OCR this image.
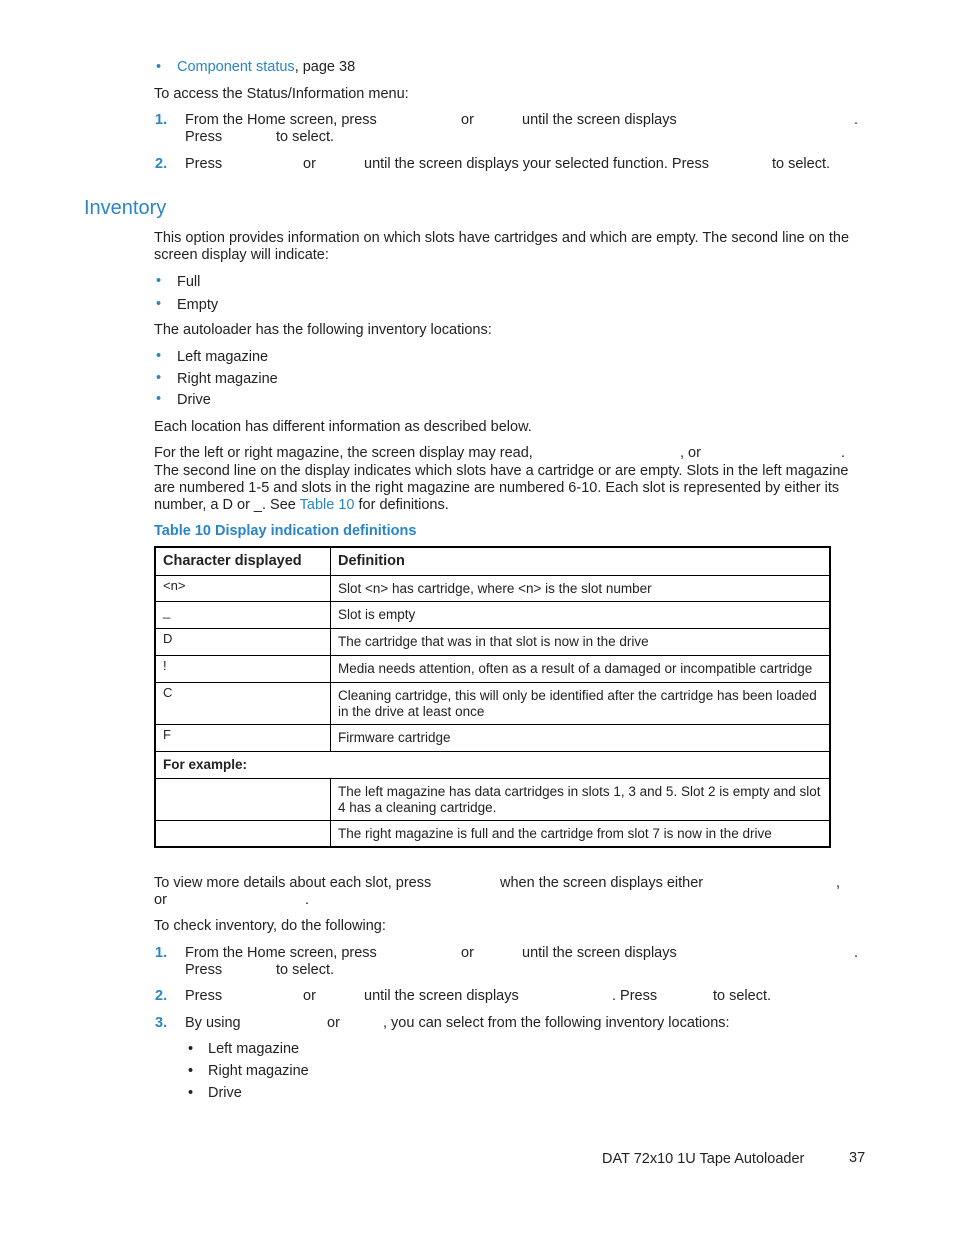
• Component status, page 38
To access the Status/Information menu:
1. From the Home screen, press	or	until the screen displays	.
Press	to select.
2. Press	or	until the screen displays your selected function. Press	to select.
Inventory
This option provides information on which slots have cartridges and which are empty. The second line on the screen display will indicate:
• Full
• Empty
The autoloader has the following inventory locations:
• Left magazine
• Right magazine
• Drive
Each location has different information as described below.
For the left or right magazine, the screen display may read,	, or	.
The second line on the display indicates which slots have a cartridge or are empty. Slots in the left magazine are numbered 1-5 and slots in the right magazine are numbered 6-10. Each slot is represented by either its number, a D or _. See Table 10 for definitions.
Table 10 Display indication definitions
Character displayed	Definition
<n>	Slot <n> has cartridge, where <n> is the slot number
_	Slot is empty
D	The cartridge that was in that slot is now in the drive
!	Media needs attention, often as a result of a damaged or incompatible cartridge
C	Cleaning cartridge, this will only be identified after the cartridge has been loaded in the drive at least once
F	Firmware cartridge
For example:	
	The left magazine has data cartridges in slots 1, 3 and 5. Slot 2 is empty and slot 4 has a cleaning cartridge.
	The right magazine is full and the cartridge from slot 7 is now in the drive
To view more details about each slot, press	when the screen displays either	,
or	.
To check inventory, do the following:
1. From the Home screen, press	or	until the screen displays	.
Press	to select.
2. Press	or	until the screen displays	. Press	to select.
3. By using	or	, you can select from the following inventory locations:
• Left magazine
• Right magazine
• Drive
DAT 72x10 1U Tape Autoloader	37
